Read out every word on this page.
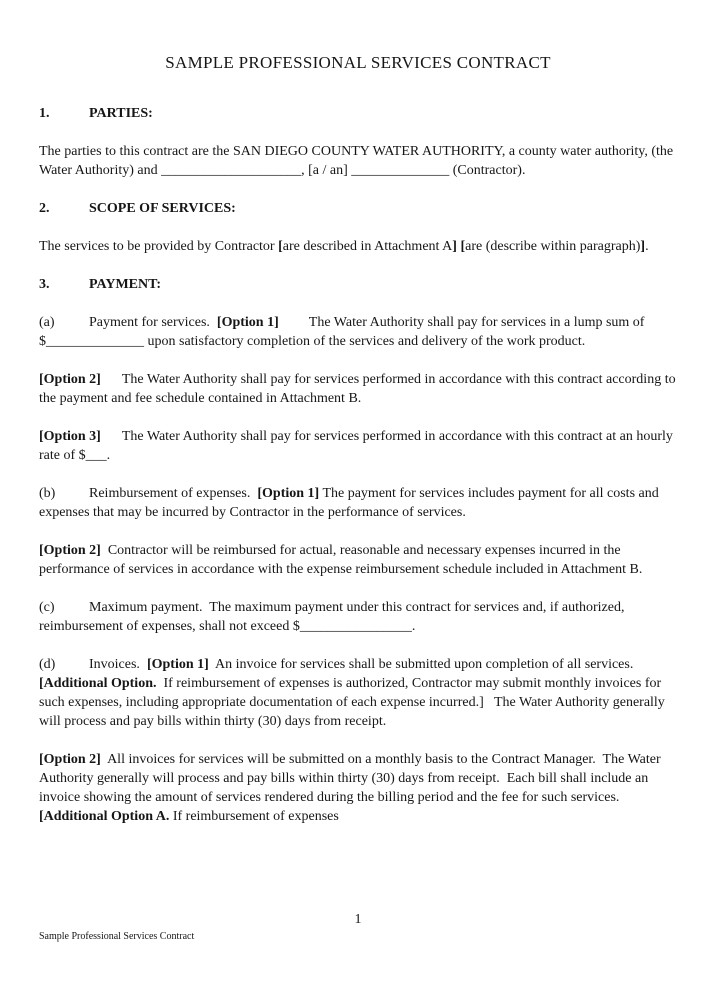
SAMPLE PROFESSIONAL SERVICES CONTRACT
1.	PARTIES:
The parties to this contract are the SAN DIEGO COUNTY WATER AUTHORITY, a county water authority, (the Water Authority) and ____________________, [a / an] ______________ (Contractor).
2.	SCOPE OF SERVICES:
The services to be provided by Contractor [are described in Attachment A] [are (describe within paragraph)].
3.	PAYMENT:
(a) Payment for services.  [Option 1] The Water Authority shall pay for services in a lump sum of $______________ upon satisfactory completion of the services and delivery of the work product.
[Option 2] The Water Authority shall pay for services performed in accordance with this contract according to the payment and fee schedule contained in Attachment B.
[Option 3] The Water Authority shall pay for services performed in accordance with this contract at an hourly rate of $___.
(b) Reimbursement of expenses.  [Option 1] The payment for services includes payment for all costs and expenses that may be incurred by Contractor in the performance of services.
[Option 2]  Contractor will be reimbursed for actual, reasonable and necessary expenses incurred in the performance of services in accordance with the expense reimbursement schedule included in Attachment B.
(c) Maximum payment.  The maximum payment under this contract for services and, if authorized, reimbursement of expenses, shall not exceed $________________.
(d) Invoices.  [Option 1]  An invoice for services shall be submitted upon completion of all services.  [Additional Option.  If reimbursement of expenses is authorized, Contractor may submit monthly invoices for such expenses, including appropriate documentation of each expense incurred.]   The Water Authority generally will process and pay bills within thirty (30) days from receipt.
[Option 2]  All invoices for services will be submitted on a monthly basis to the Contract Manager.  The Water Authority generally will process and pay bills within thirty (30) days from receipt.  Each bill shall include an invoice showing the amount of services rendered during the billing period and the fee for such services.  [Additional Option A. If reimbursement of expenses
1
Sample Professional Services Contract
